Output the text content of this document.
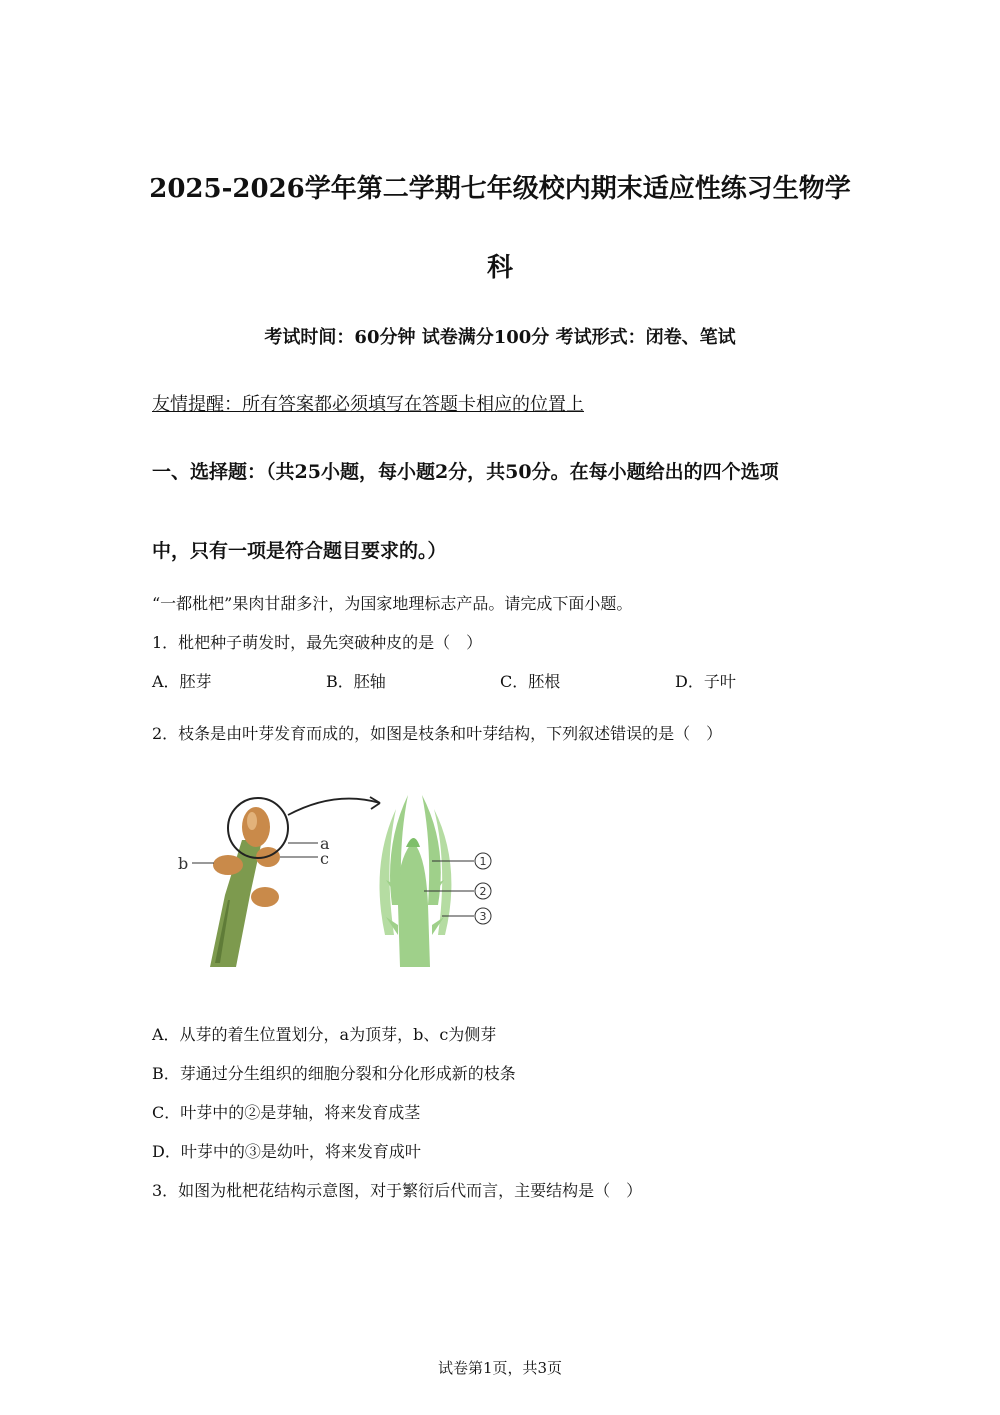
2025-2026学年第二学期七年级校内期末适应性练习生物学
科
考试时间：60分钟 试卷满分100分 考试形式：闭卷、笔试
友情提醒：所有答案都必须填写在答题卡相应的位置上
一、选择题：（共25小题，每小题2分，共50分。在每小题给出的四个选项
中，只有一项是符合题目要求的。）
“一都枇杷”果肉甘甜多汁，为国家地理标志产品。请完成下面小题。
1．枇杷种子萌发时，最先突破种皮的是（　）
A．胚芽	B．胚轴	C．胚根	D．子叶
2．枝条是由叶芽发育而成的，如图是枝条和叶芽结构，下列叙述错误的是（　）
a
c
b	1
2
3
A．从芽的着生位置划分，a为顶芽，b、c为侧芽
B．芽通过分生组织的细胞分裂和分化形成新的枝条
C．叶芽中的②是芽轴，将来发育成茎
D．叶芽中的③是幼叶，将来发育成叶
3．如图为枇杷花结构示意图，对于繁衍后代而言，主要结构是（　）
试卷第1页，共3页
